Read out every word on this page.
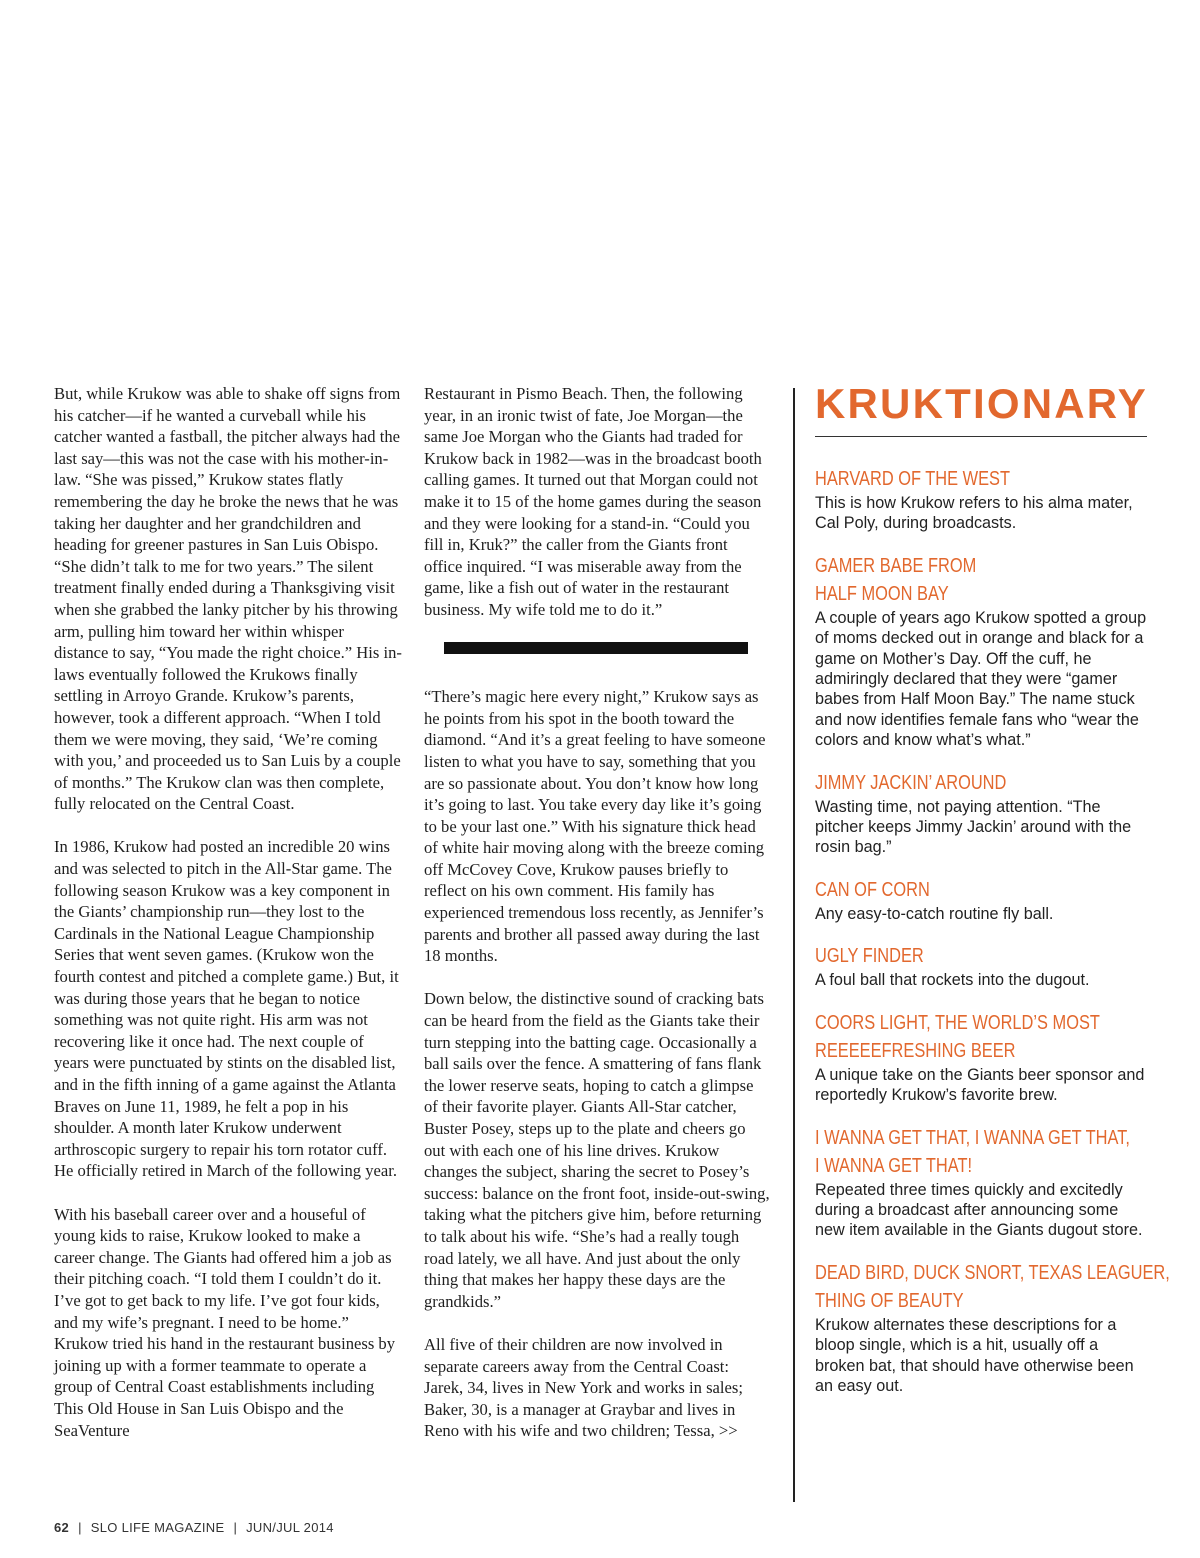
But, while Krukow was able to shake off signs from his catcher—if he wanted a curveball while his catcher wanted a fastball, the pitcher always had the last say—this was not the case with his mother-in-law. “She was pissed,” Krukow states flatly remembering the day he broke the news that he was taking her daughter and her grandchildren and heading for greener pastures in San Luis Obispo. “She didn’t talk to me for two years.” The silent treatment finally ended during a Thanksgiving visit when she grabbed the lanky pitcher by his throwing arm, pulling him toward her within whisper distance to say, “You made the right choice.” His in-laws eventually followed the Krukows finally settling in Arroyo Grande. Krukow’s parents, however, took a different approach. “When I told them we were moving, they said, ‘We’re coming with you,’ and proceeded us to San Luis by a couple of months.” The Krukow clan was then complete, fully relocated on the Central Coast.

In 1986, Krukow had posted an incredible 20 wins and was selected to pitch in the All-Star game. The following season Krukow was a key component in the Giants’ championship run—they lost to the Cardinals in the National League Championship Series that went seven games. (Krukow won the fourth contest and pitched a complete game.) But, it was during those years that he began to notice something was not quite right. His arm was not recovering like it once had. The next couple of years were punctuated by stints on the disabled list, and in the fifth inning of a game against the Atlanta Braves on June 11, 1989, he felt a pop in his shoulder. A month later Krukow underwent arthroscopic surgery to repair his torn rotator cuff. He officially retired in March of the following year.

With his baseball career over and a houseful of young kids to raise, Krukow looked to make a career change. The Giants had offered him a job as their pitching coach. “I told them I couldn’t do it. I’ve got to get back to my life. I’ve got four kids, and my wife’s pregnant. I need to be home.” Krukow tried his hand in the restaurant business by joining up with a former teammate to operate a group of Central Coast establishments including This Old House in San Luis Obispo and the SeaVenture

Restaurant in Pismo Beach. Then, the following year, in an ironic twist of fate, Joe Morgan—the same Joe Morgan who the Giants had traded for Krukow back in 1982—was in the broadcast booth calling games. It turned out that Morgan could not make it to 15 of the home games during the season and they were looking for a stand-in. “Could you fill in, Kruk?” the caller from the Giants front office inquired. “I was miserable away from the game, like a fish out of water in the restaurant business. My wife told me to do it.”

“There’s magic here every night,” Krukow says as he points from his spot in the booth toward the diamond. “And it’s a great feeling to have someone listen to what you have to say, something that you are so passionate about. You don’t know how long it’s going to last. You take every day like it’s going to be your last one.” With his signature thick head of white hair moving along with the breeze coming off McCovey Cove, Krukow pauses briefly to reflect on his own comment. His family has experienced tremendous loss recently, as Jennifer’s parents and brother all passed away during the last 18 months.

Down below, the distinctive sound of cracking bats can be heard from the field as the Giants take their turn stepping into the batting cage. Occasionally a ball sails over the fence. A smattering of fans flank the lower reserve seats, hoping to catch a glimpse of their favorite player. Giants All-Star catcher, Buster Posey, steps up to the plate and cheers go out with each one of his line drives. Krukow changes the subject, sharing the secret to Posey’s success: balance on the front foot, inside-out-swing, taking what the pitchers give him, before returning to talk about his wife. “She’s had a really tough road lately, we all have. And just about the only thing that makes her happy these days are the grandkids.”

All five of their children are now involved in separate careers away from the Central Coast: Jarek, 34, lives in New York and works in sales; Baker, 30, is a manager at Graybar and lives in Reno with his wife and two children; Tessa, >>

KRUKTIONARY
HARVARD OF THE WEST
This is how Krukow refers to his alma mater, Cal Poly, during broadcasts.
GAMER BABE FROM
HALF MOON BAY
A couple of years ago Krukow spotted a group of moms decked out in orange and black for a game on Mother’s Day. Off the cuff, he admiringly declared that they were “gamer babes from Half Moon Bay.” The name stuck and now identifies female fans who “wear the colors and know what’s what.”
JIMMY JACKIN’ AROUND
Wasting time, not paying attention. “The pitcher keeps Jimmy Jackin’ around with the rosin bag.”
CAN OF CORN
Any easy-to-catch routine fly ball.
UGLY FINDER
A foul ball that rockets into the dugout.
COORS LIGHT, THE WORLD’S MOST
REEEEEFRESHING BEER
A unique take on the Giants beer sponsor and reportedly Krukow’s favorite brew.
I WANNA GET THAT, I WANNA GET THAT,
I WANNA GET THAT!
Repeated three times quickly and excitedly during a broadcast after announcing some new item available in the Giants dugout store.
DEAD BIRD, DUCK SNORT, TEXAS LEAGUER,
THING OF BEAUTY
Krukow alternates these descriptions for a bloop single, which is a hit, usually off a broken bat, that should have otherwise been an easy out.
62 | SLO LIFE MAGAZINE | JUN/JUL 2014
